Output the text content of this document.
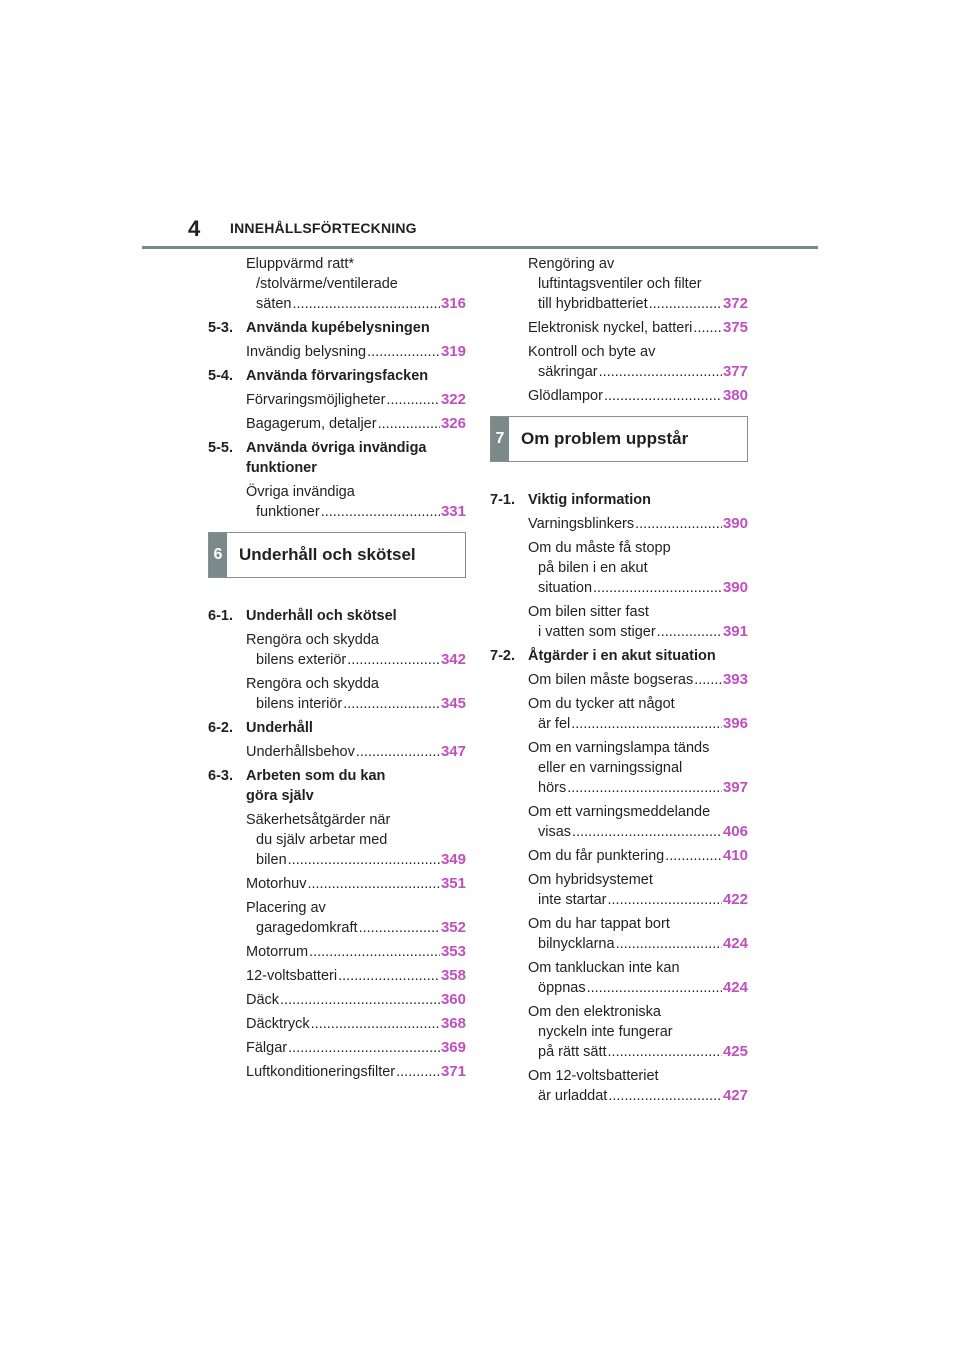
4 INNEHÅLLSFÖRTECKNING
Eluppvärmd ratt*
/stolvärme/ventilerade
säten .....	316
5-3. Använda kupébelysningen
Invändig belysning .....	319
5-4. Använda förvaringsfacken
Förvaringsmöjligheter .....	322
Bagagerum, detaljer .....	326
5-5. Använda övriga invändiga
funktioner
Övriga invändiga
funktioner .....	331
6 Underhåll och skötsel
6-1. Underhåll och skötsel
Rengöra och skydda
bilens exteriör .....	342
Rengöra och skydda
bilens interiör .....	345
6-2. Underhåll
Underhållsbehov .....	347
6-3. Arbeten som du kan
göra själv
Säkerhetsåtgärder när
du själv arbetar med
bilen .....	349
Motorhuv .....	351
Placering av
garagedomkraft .....	352
Motorrum .....	353
12-voltsbatteri .....	358
Däck .....	360
Däcktryck .....	368
Fälgar .....	369
Luftkonditioneringsfilter .....	371
Rengöring av
luftintagsventiler och filter
till hybridbatteriet .....	372
Elektronisk nyckel, batteri ..... 375
Kontroll och byte av
säkringar .....	377
Glödlampor .....	380
7 Om problem uppstår
7-1. Viktig information
Varningsblinkers .....	390
Om du måste få stopp
på bilen i en akut
situation .....	390
Om bilen sitter fast
i vatten som stiger .....	391
7-2. Åtgärder i en akut situation
Om bilen måste bogseras ..... 393
Om du tycker att något
är fel .....	396
Om en varningslampa tänds
eller en varningssignal
hörs .....	397
Om ett varningsmeddelande
visas .....	406
Om du får punktering .....	410
Om hybridsystemet
inte startar .....	422
Om du har tappat bort
bilnycklarna .....	424
Om tankluckan inte kan
öppnas .....	424
Om den elektroniska
nyckeln inte fungerar
på rätt sätt .....	425
Om 12-voltsbatteriet
är urladdat .....	427
